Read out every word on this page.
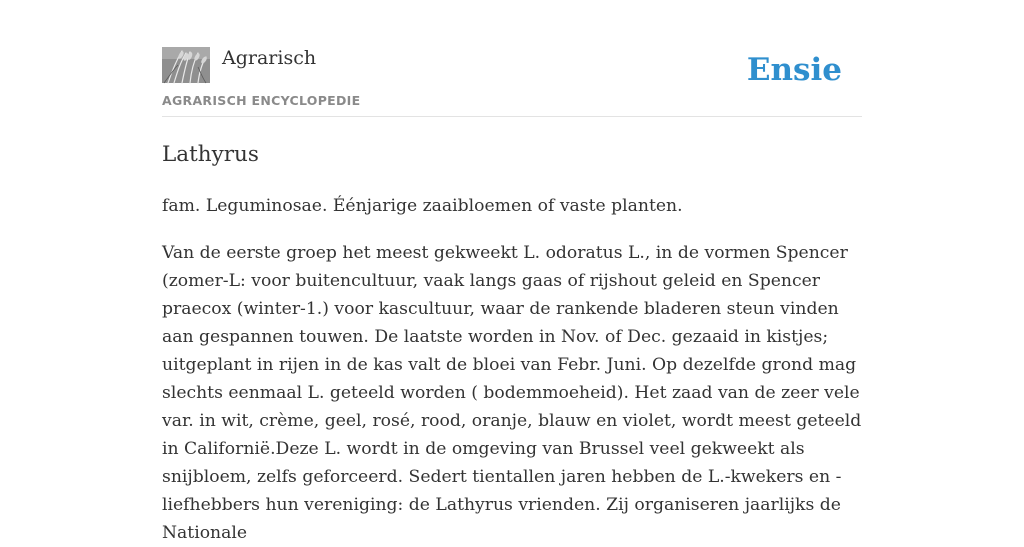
Agrarisch
AGRARISCH ENCYCLOPEDIE
Ensie
Lathyrus

fam. Leguminosae. Éénjarige zaaibloemen of vaste planten.

Van de eerste groep het meest gekweekt L. odoratus L., in de vormen Spencer (zomer-L: voor buitencultuur, vaak langs gaas of rijshout geleid en Spencer praecox (winter-1.) voor kascultuur, waar de rankende bladeren steun vinden aan gespannen touwen. De laatste worden in Nov. of Dec. gezaaid in kistjes; uitgeplant in rijen in de kas valt de bloei van Febr. Juni. Op dezelfde grond mag slechts eenmaal L. geteeld worden ( bodemmoeheid). Het zaad van de zeer vele var. in wit, crème, geel, rosé, rood, oranje, blauw en violet, wordt meest geteeld in Californië.Deze L. wordt in de omgeving van Brussel veel gekweekt als snijbloem, zelfs geforceerd. Sedert tientallen jaren hebben de L.-kwekers en -liefhebbers hun vereniging: de Lathyrus vrienden. Zij organiseren jaarlijks de Nationale
